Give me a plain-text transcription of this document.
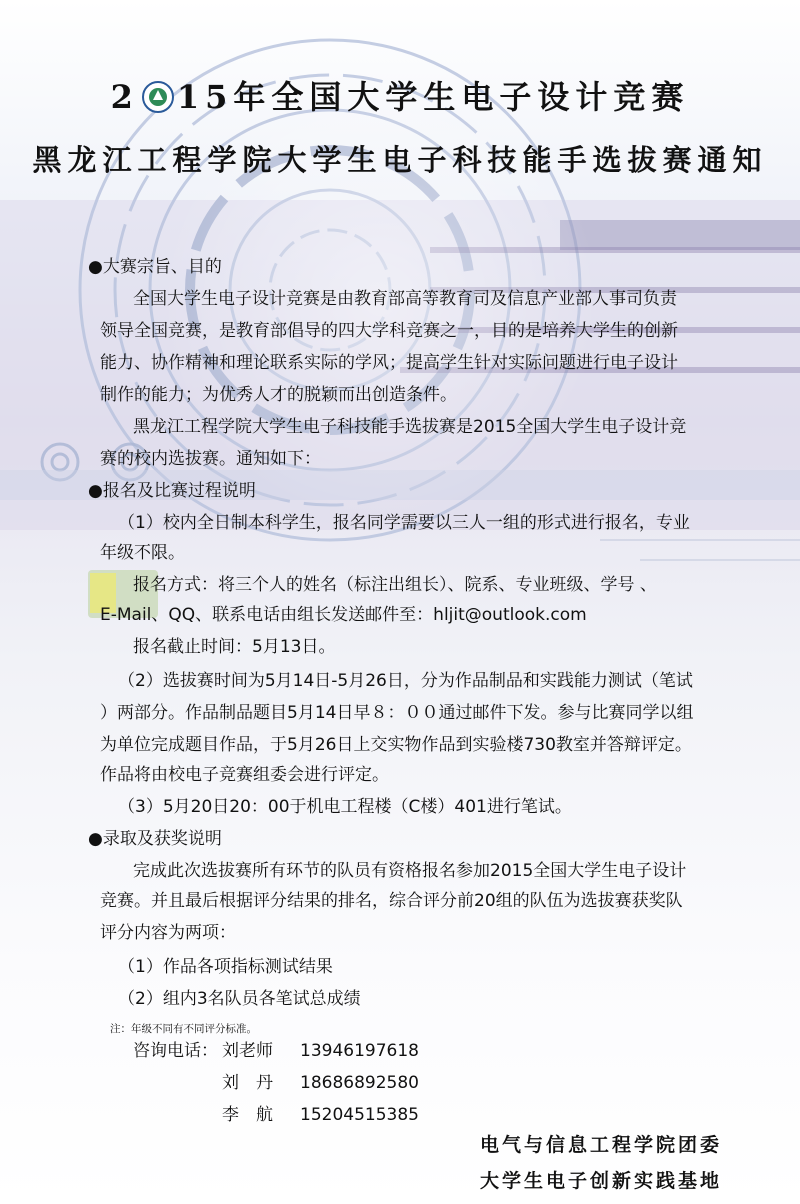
2 15年全国大学生电子设计竞赛
黑龙江工程学院大学生电子科技能手选拔赛通知
●大赛宗旨、目的
全国大学生电子设计竞赛是由教育部高等教育司及信息产业部人事司负责
领导全国竞赛，是教育部倡导的四大学科竞赛之一，目的是培养大学生的创新
能力、协作精神和理论联系实际的学风；提高学生针对实际问题进行电子设计
制作的能力；为优秀人才的脱颖而出创造条件。
黑龙江工程学院大学生电子科技能手选拔赛是2015全国大学生电子设计竞
赛的校内选拔赛。通知如下：
●报名及比赛过程说明
（1）校内全日制本科学生，报名同学需要以三人一组的形式进行报名，专业
年级不限。
报名方式：将三个人的姓名（标注出组长）、院系、专业班级、学号 、
E-Mail、QQ、联系电话由组长发送邮件至：hljit@outlook.com
报名截止时间：5月13日。
（2）选拔赛时间为5月14日-5月26日，分为作品制品和实践能力测试（笔试
）两部分。作品制品题目5月14日早８：００通过邮件下发。参与比赛同学以组
为单位完成题目作品，于5月26日上交实物作品到实验楼730教室并答辩评定。
作品将由校电子竞赛组委会进行评定。
（3）5月20日20：00于机电工程楼（C楼）401进行笔试。
●录取及获奖说明
完成此次选拔赛所有环节的队员有资格报名参加2015全国大学生电子设计
竞赛。并且最后根据评分结果的排名，综合评分前20组的队伍为选拔赛获奖队
评分内容为两项：
（1）作品各项指标测试结果
（2）组内3名队员各笔试总成绩
注：年级不同有不同评分标准。
咨询电话： 刘老师 13946197618
刘　丹 18686892580
李　航 15204515385
电气与信息工程学院团委
大学生电子创新实践基地
